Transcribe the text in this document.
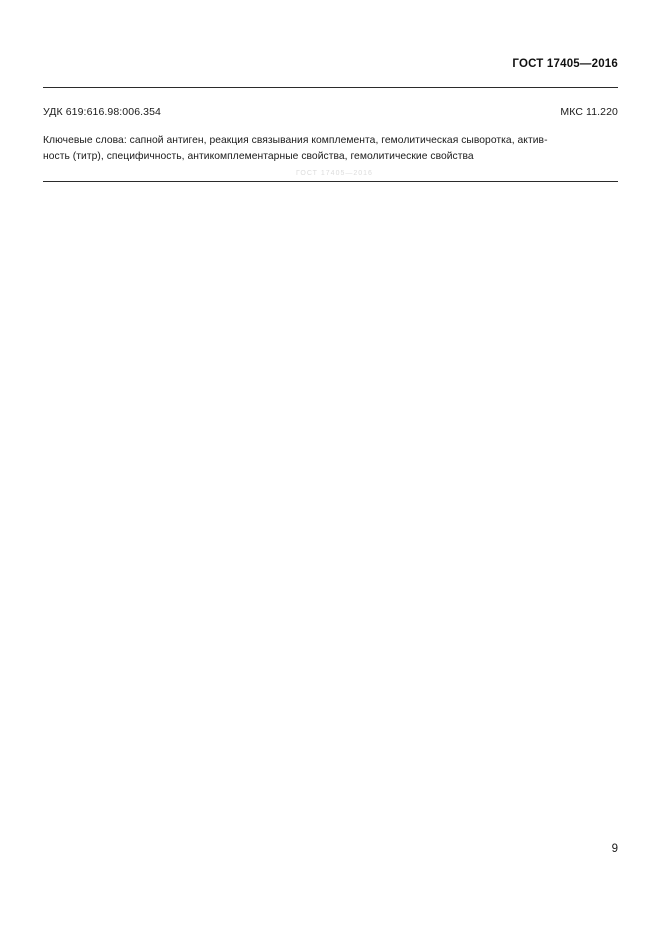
ГОСТ 17405—2016
УДК 619:616.98:006.354	МКС 11.220
Ключевые слова: сапной антиген, реакция связывания комплемента, гемолитическая сыворотка, актив-
ность (титр), специфичность, антикомплементарные свойства, гемолитические свойства
ГОСТ 17405—2016
9
